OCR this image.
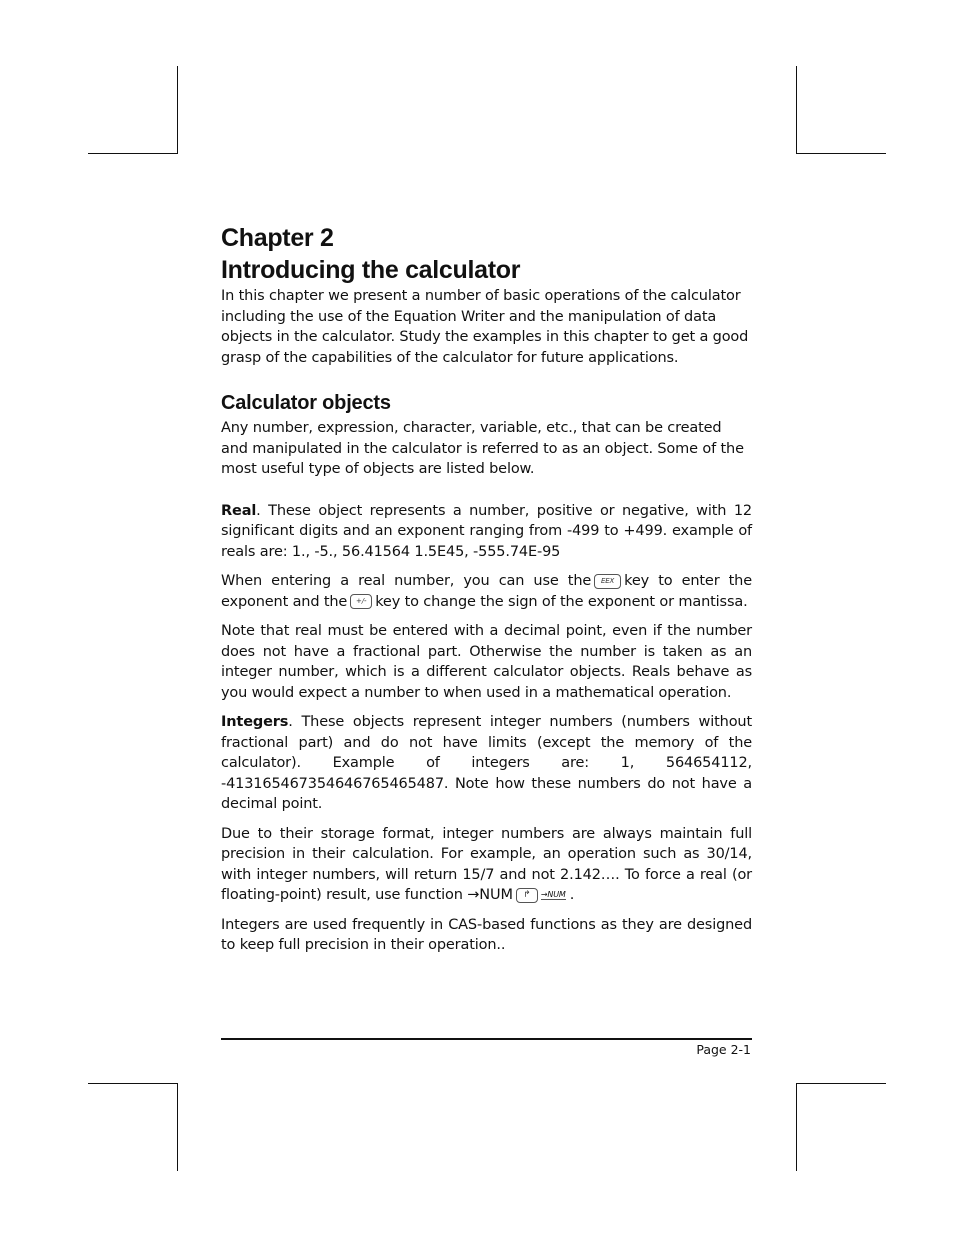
Chapter 2
Introducing the calculator

In this chapter we present a number of basic operations of the calculator including the use of the Equation Writer and the manipulation of data objects in the calculator. Study the examples in this chapter to get a good grasp of the capabilities of the calculator for future applications.

Calculator objects

Any number, expression, character, variable, etc., that can be created and manipulated in the calculator is referred to as an object. Some of the most useful type of objects are listed below.

Real. These object represents a number, positive or negative, with 12 significant digits and an exponent ranging from -499 to +499. example of reals are: 1., -5., 56.41564 1.5E45, -555.74E-95

When entering a real number, you can use the EEX key to enter the exponent and the +/- key to change the sign of the exponent or mantissa.

Note that real must be entered with a decimal point, even if the number does not have a fractional part. Otherwise the number is taken as an integer number, which is a different calculator objects. Reals behave as you would expect a number to when used in a mathematical operation.

Integers. These objects represent integer numbers (numbers without fractional part) and do not have limits (except the memory of the calculator). Example of integers are: 1, 564654112, -413165467354646765465487. Note how these numbers do not have a decimal point.

Due to their storage format, integer numbers are always maintain full precision in their calculation. For example, an operation such as 30/14, with integer numbers, will return 15/7 and not 2.142…. To force a real (or floating-point) result, use function →NUM ↱ →NUM .

Integers are used frequently in CAS-based functions as they are designed to keep full precision in their operation..

Page 2-1
